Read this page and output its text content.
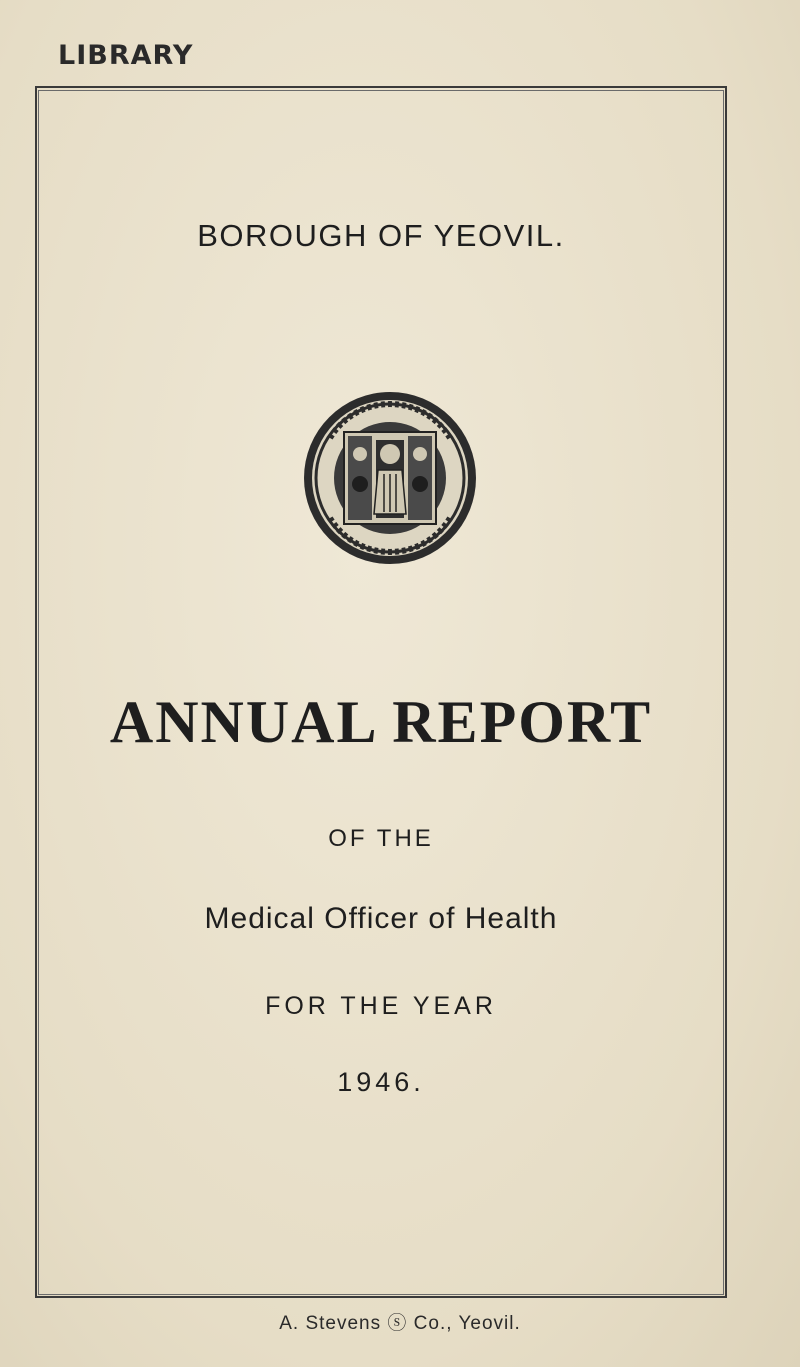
LIBRARY
BOROUGH OF YEOVIL.
ANNUAL REPORT
OF THE
Medical Officer of Health
FOR THE YEAR
1946.
A. Stevens ⓢ Co., Yeovil.
